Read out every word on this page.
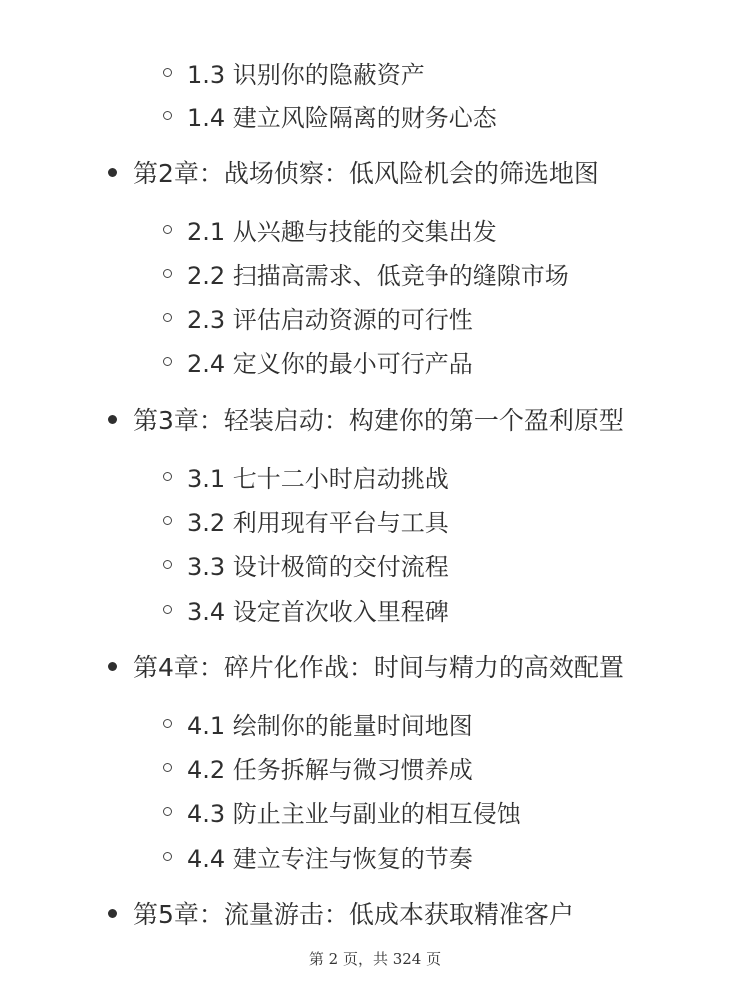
1.3 识别你的隐蔽资产
1.4 建立风险隔离的财务心态
第2章：战场侦察：低风险机会的筛选地图
2.1 从兴趣与技能的交集出发
2.2 扫描高需求、低竞争的缝隙市场
2.3 评估启动资源的可行性
2.4 定义你的最小可行产品
第3章：轻装启动：构建你的第一个盈利原型
3.1 七十二小时启动挑战
3.2 利用现有平台与工具
3.3 设计极简的交付流程
3.4 设定首次收入里程碑
第4章：碎片化作战：时间与精力的高效配置
4.1 绘制你的能量时间地图
4.2 任务拆解与微习惯养成
4.3 防止主业与副业的相互侵蚀
4.4 建立专注与恢复的节奏
第5章：流量游击：低成本获取精准客户
第 2 页，共 324 页
